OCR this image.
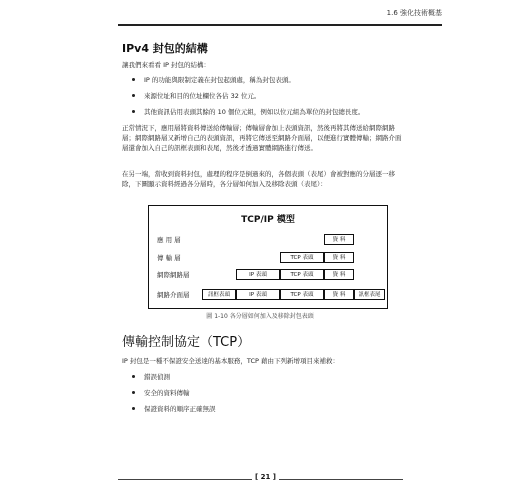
1.6 強化技術概基
IPv4 封包的結構
讓我們來看看 IP 封包的結構：
IP 的功能與限制定義在封包起頭處，稱為封包表頭。
來源位址和目的位址欄位各佔 32 位元。
其他資訊佔用表頭其餘的 10 個位元組，例如以位元組為單位的封包總長度。
正常情況下，應用層將資料傳送給傳輸層；傳輸層會加上表頭資訊，然後再將其傳送給網際網路層；網際網路層又新增自己的表頭資訊，再將它傳送至網路介面層，以便進行實體傳輸；網路介面層還會加入自己的訊框表頭和表尾，然後才透過實體網路進行傳送。
在另一端，當收到資料封包，處理的程序是倒過來的，各個表頭（表尾）會被對應的分層逐一移除，下圖顯示資料經過各分層時，各分層如何加入及移除表頭（表尾）：
TCP/IP 模型
應 用 層	資 料
傳 輸 層	TCP 表頭	資 料
網際網路層	IP 表頭	TCP 表頭	資 料
網路介面層	訊框表頭	IP 表頭	TCP 表頭	資 料	訊框表尾
圖 1-10 各分層如何加入及移除封包表頭
傳輸控制協定（TCP）
IP 封包是一種不保證安全送達的基本服務，TCP 藉由下列新增項目來補救：
錯誤偵測
安全的資料傳輸
保證資料的順序正確無誤
[ 21 ]
